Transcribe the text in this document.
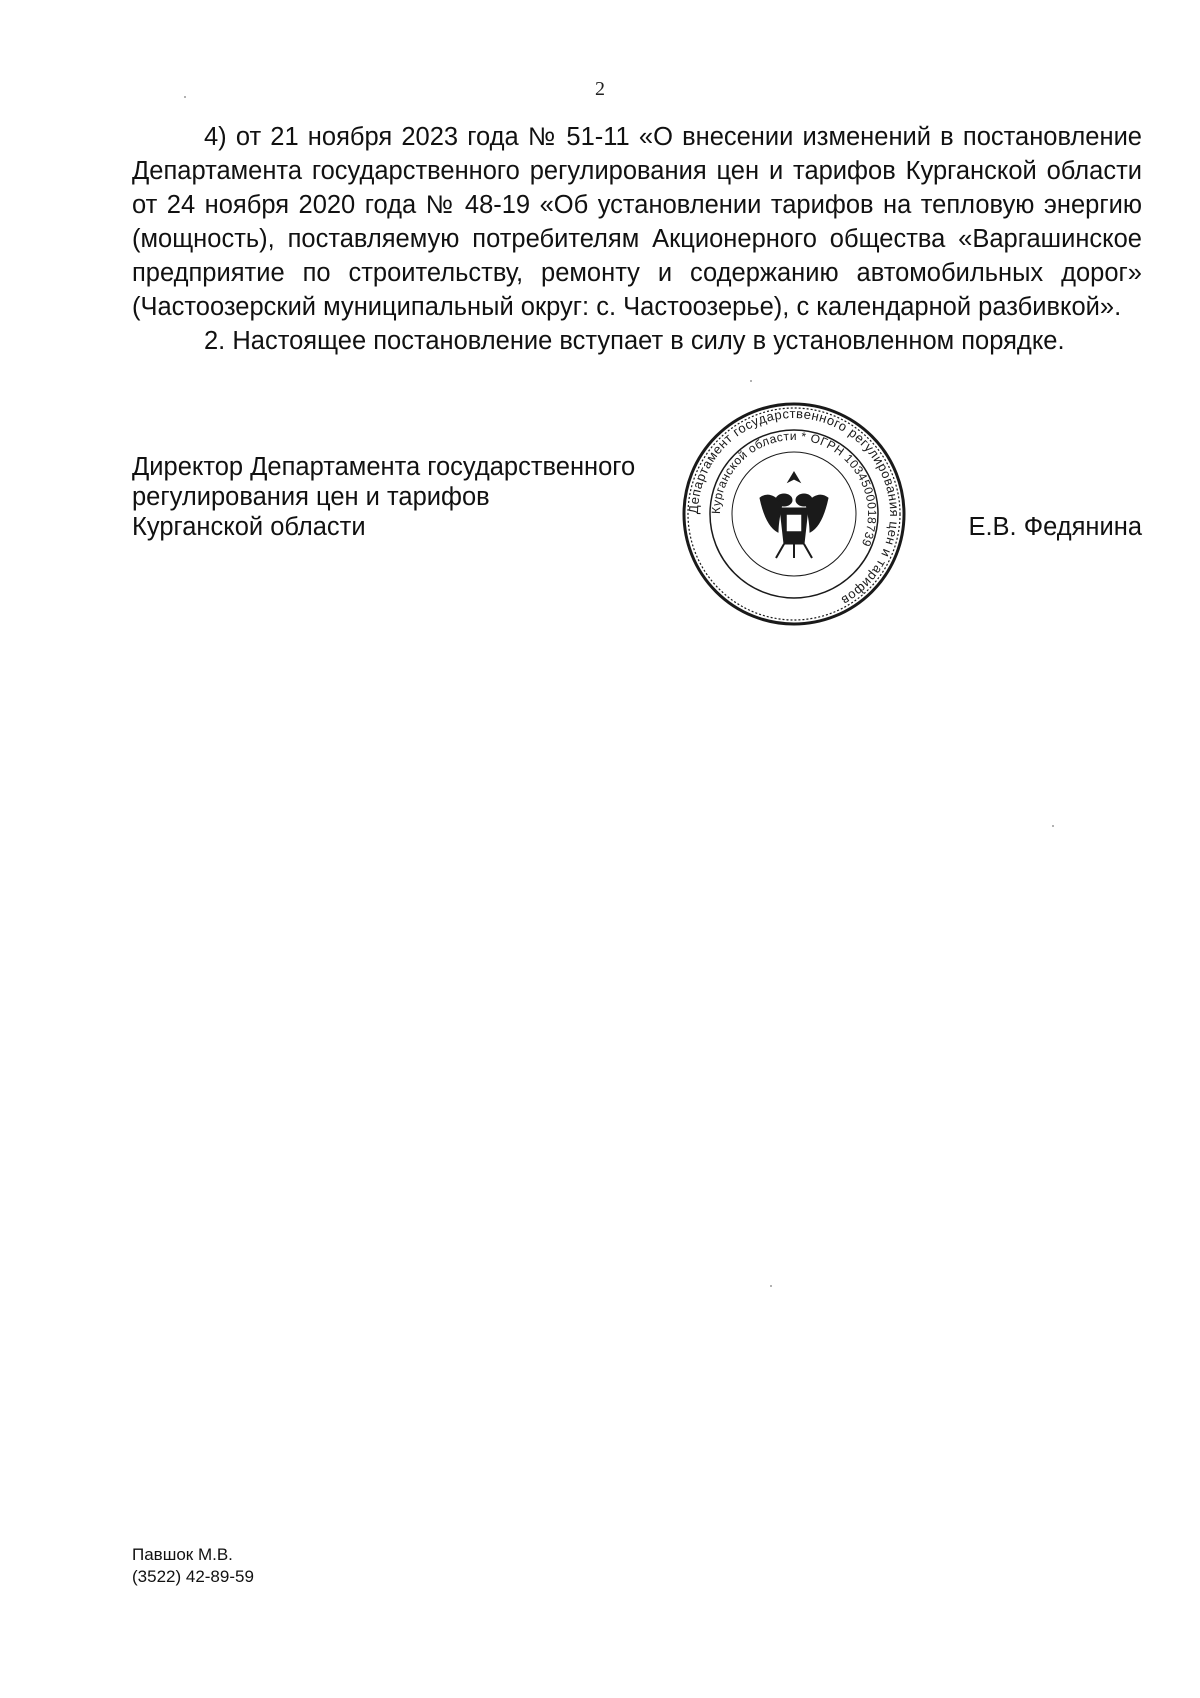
2

4) от 21 ноября 2023 года № 51-11 «О внесении изменений в постановление Департамента государственного регулирования цен и тарифов Курганской области от 24 ноября 2020 года № 48-19 «Об установлении тарифов на тепловую энергию (мощность), поставляемую потребителям Акционерного общества «Варгашинское предприятие по строительству, ремонту и содержанию автомобильных дорог» (Частоозерский муниципальный округ: с. Частоозерье), с календарной разбивкой».

2. Настоящее постановление вступает в силу в установленном порядке.

Директор Департамента государственного
регулирования цен и тарифов
Курганской области
Департамент государственного регулирования цен и тарифов
Курганской области * ОГРН 1034500018739
Е.В. Федянина
Павшок М.В.
(3522) 42-89-59
